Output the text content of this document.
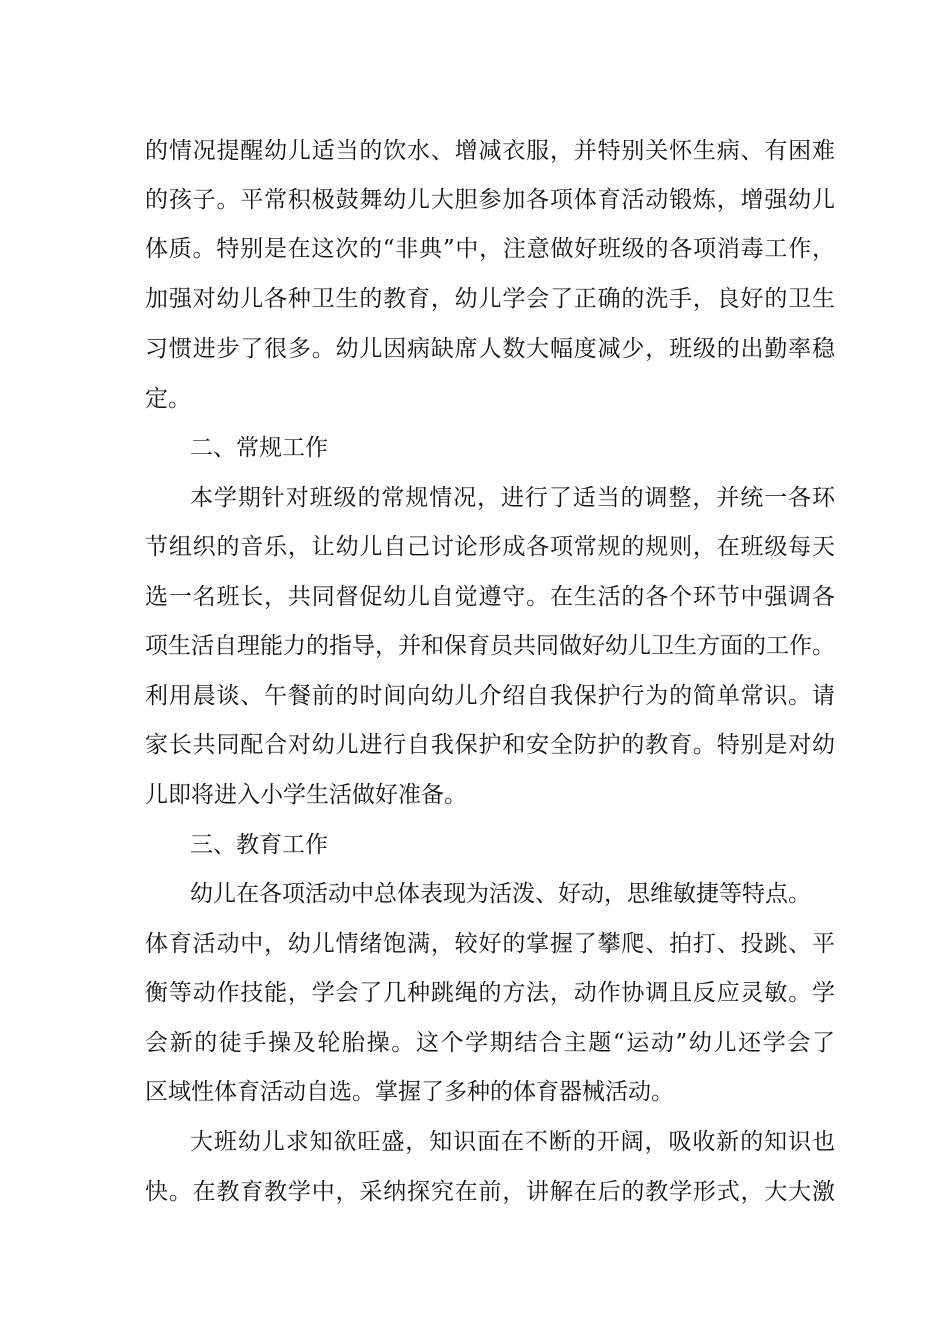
的情况提醒幼儿适当的饮水、增减衣服，并特别关怀生病、有困难

的孩子。平常积极鼓舞幼儿大胆参加各项体育活动锻炼，增强幼儿

体质。特别是在这次的“非典”中，注意做好班级的各项消毒工作，

加强对幼儿各种卫生的教育，幼儿学会了正确的洗手，良好的卫生

习惯进步了很多。幼儿因病缺席人数大幅度减少，班级的出勤率稳

定。

二、常规工作

本学期针对班级的常规情况，进行了适当的调整，并统一各环

节组织的音乐，让幼儿自己讨论形成各项常规的规则，在班级每天

选一名班长，共同督促幼儿自觉遵守。在生活的各个环节中强调各

项生活自理能力的指导，并和保育员共同做好幼儿卫生方面的工作。

利用晨谈、午餐前的时间向幼儿介绍自我保护行为的简单常识。请

家长共同配合对幼儿进行自我保护和安全防护的教育。特别是对幼

儿即将进入小学生活做好准备。

三、教育工作

幼儿在各项活动中总体表现为活泼、好动，思维敏捷等特点。

体育活动中，幼儿情绪饱满，较好的掌握了攀爬、拍打、投跳、平

衡等动作技能，学会了几种跳绳的方法，动作协调且反应灵敏。学

会新的徒手操及轮胎操。这个学期结合主题“运动”幼儿还学会了

区域性体育活动自选。掌握了多种的体育器械活动。

大班幼儿求知欲旺盛，知识面在不断的开阔，吸收新的知识也

快。在教育教学中，采纳探究在前，讲解在后的教学形式，大大激
